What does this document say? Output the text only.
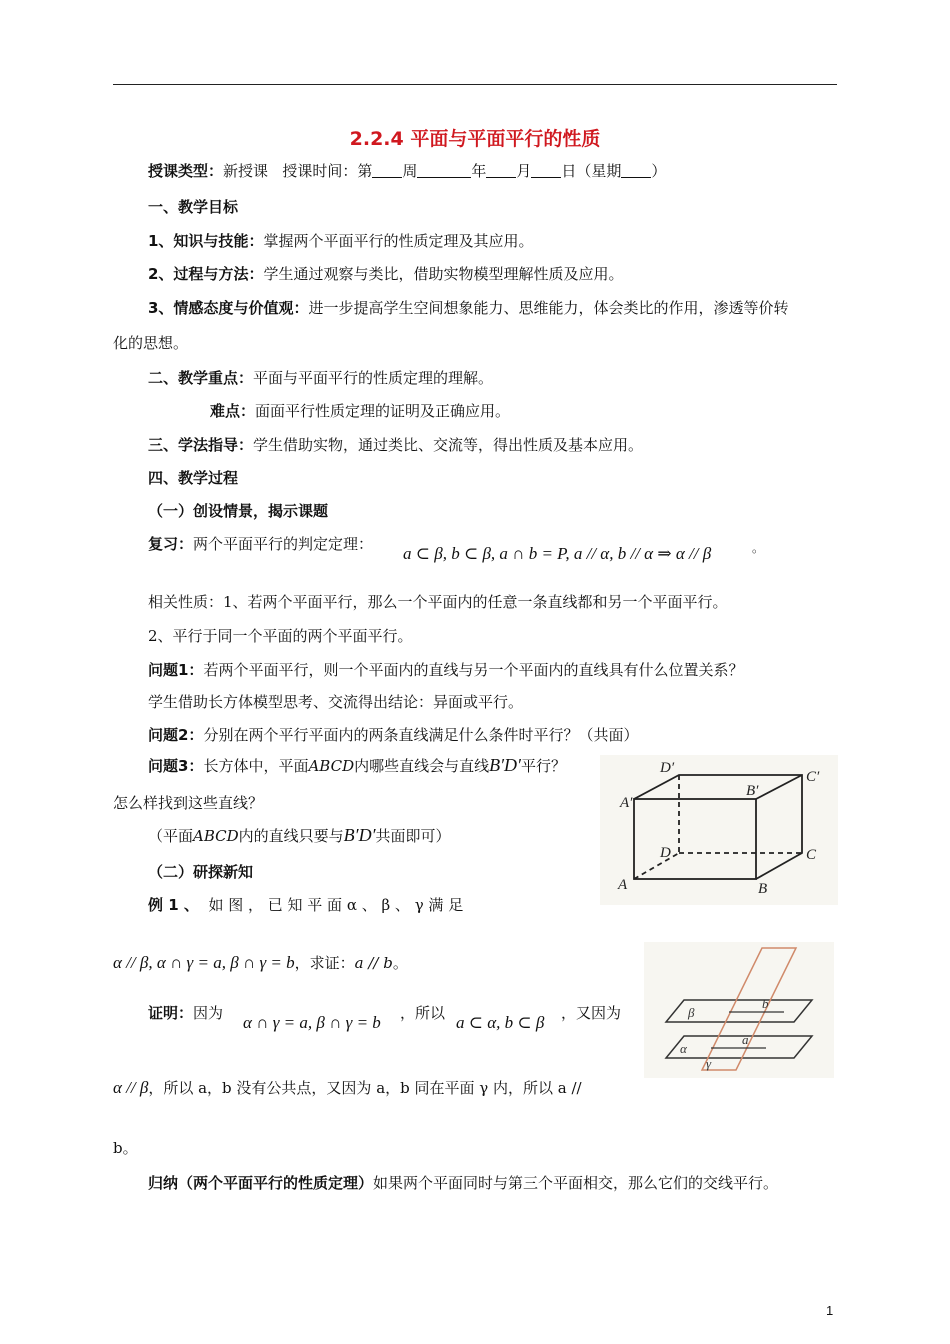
2.2.4 平面与平面平行的性质
授课类型：新授课 授课时间：第 周	年 月 日（星期 ）
一、教学目标
1、知识与技能：掌握两个平面平行的性质定理及其应用。
2、过程与方法：学生通过观察与类比，借助实物模型理解性质及应用。
3、情感态度与价值观：进一步提高学生空间想象能力、思维能力，体会类比的作用，渗透等价转
化的思想。
二、教学重点：平面与平面平行的性质定理的理解。
难点：面面平行性质定理的证明及正确应用。
三、学法指导：学生借助实物，通过类比、交流等，得出性质及基本应用。
四、教学过程
（一）创设情景，揭示课题
复习：两个平面平行的判定定理： a ⊂ β, b ⊂ β, a ∩ b = P, a // α, b // α ⇒ α // β	。
相关性质：1、若两个平面平行，那么一个平面内的任意一条直线都和另一个平面平行。
2、平行于同一个平面的两个平面平行。
问题1：若两个平面平行，则一个平面内的直线与另一个平面内的直线具有什么位置关系？
学生借助长方体模型思考、交流得出结论：异面或平行。
问题2：分别在两个平行平面内的两条直线满足什么条件时平行？（共面）
问题3：长方体中，平面ABCD内哪些直线会与直线B′D′平行？
怎么样找到这些直线？
（平面ABCD内的直线只要与B′D′共面即可）
（二）研探新知
例 1 、 如 图 ， 已 知 平 面 α 、 β 、 γ 满 足
α // β, α ∩ γ = a, β ∩ γ = b，求证：a // b。
证明：因为 α ∩ γ = a, β ∩ γ = b ，所以 a ⊂ α, b ⊂ β ，又因为
α // β，所以 a，b 没有公共点，又因为 a，b 同在平面 γ 内，所以 a //
b。
归纳（两个平面平行的性质定理）如果两个平面同时与第三个平面相交，那么它们的交线平行。
A′
D′
B′
C′
D	C
A	B
β
b
α
a
γ
1
